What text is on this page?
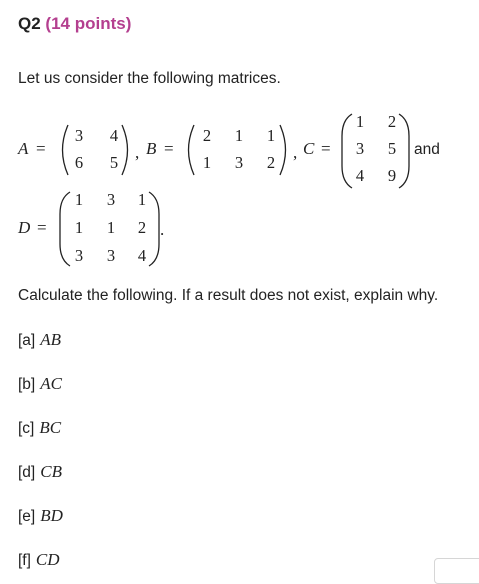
Q2 (14 points)
Let us consider the following matrices.
A =
3 4
6 5
, B =
2 1 1
1 3 2
, C =
1 2
3 5
4 9
and
D =
1 3 1
1 1 2
3 3 4
.
Calculate the following. If a result does not exist, explain why.
[a] AB
[b] AC
[c] BC
[d] CB
[e] BD
[f] CD
